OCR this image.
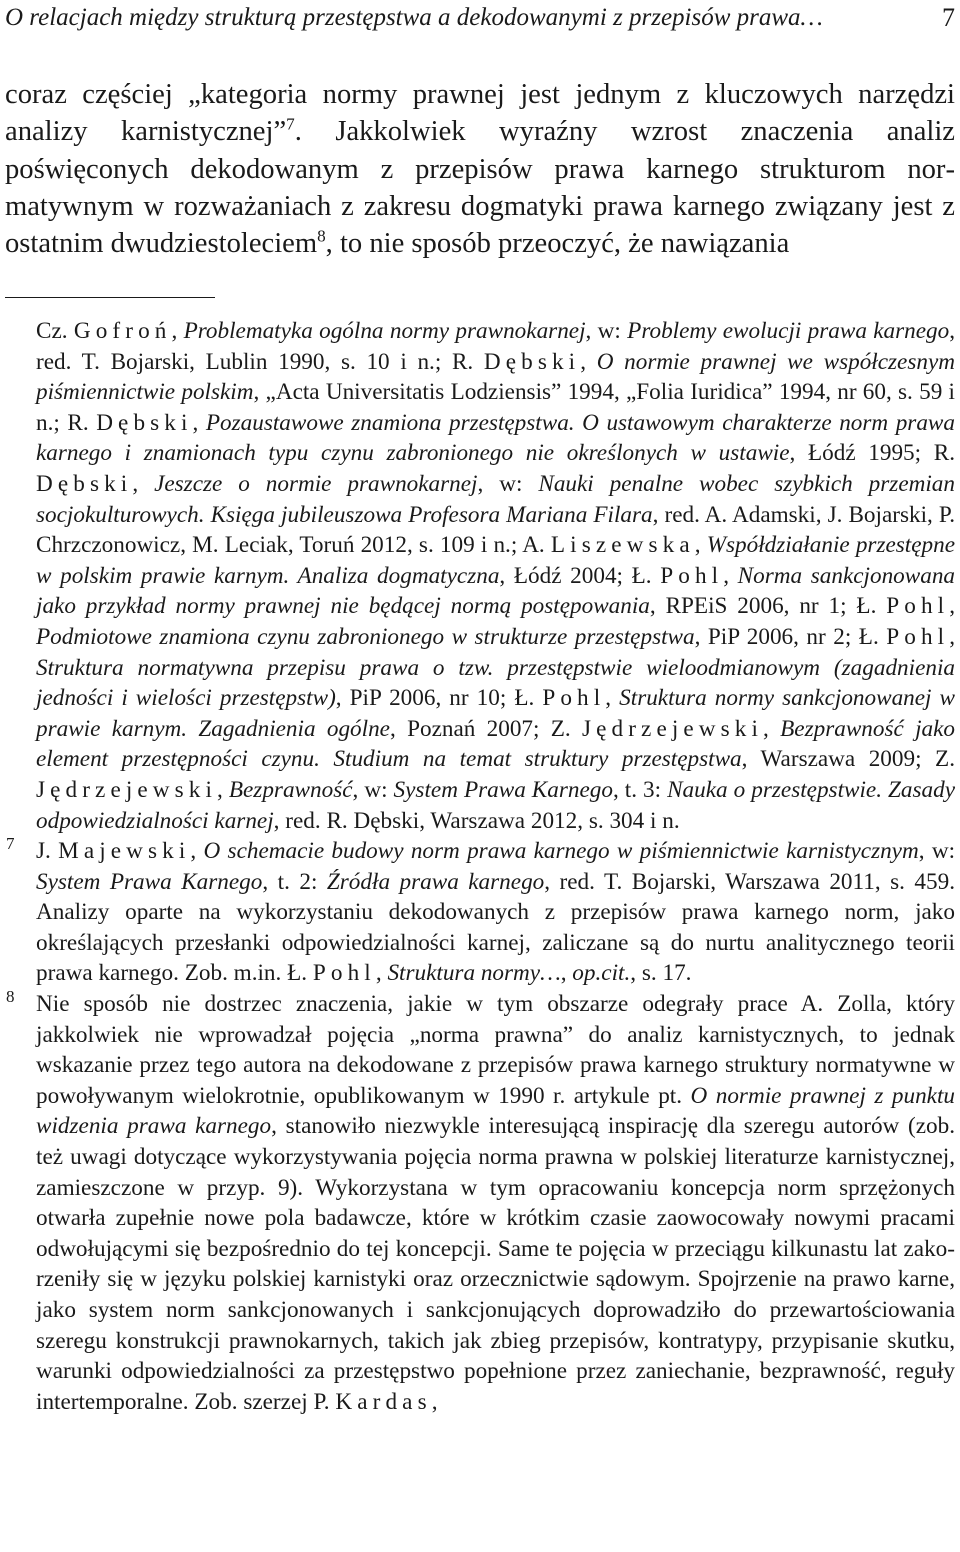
O relacjach między strukturą przestępstwa a dekodowanymi z przepisów prawa…	7

coraz częściej „kategoria normy prawnej jest jednym z kluczowych narzędzi analizy karnistycznej”$^7$. Jakkolwiek wyraźny wzrost znaczenia analiz poświęconych dekodowanym z przepisów prawa karnego strukturom normatywnym w rozważaniach z zakresu dogmatyki prawa karnego związany jest z ostatnim dwudziestoleciem$^8$, to nie sposób przeoczyć, że nawiązania

Cz. Gofroń, Problematyka ogólna normy prawnokarnej, w: Problemy ewolucji prawa karnego, red. T. Bojarski, Lublin 1990, s. 10 i n.; R. Dębski, O normie prawnej we współczesnym piśmiennictwie polskim, „Acta Universitatis Lodziensis” 1994, „Folia Iuridica” 1994, nr 60, s. 59 i n.; R. Dębski, Pozaustawowe znamiona przestępstwa. O ustawowym charakterze norm prawa karnego i znamionach typu czynu zabronionego nie określonych w ustawie, Łódź 1995; R. Dębski, Jeszcze o normie prawnokarnej, w: Nauki penalne wobec szybkich przemian socjokulturowych. Księga jubileuszowa Profesora Mariana Filara, red. A. Adamski, J. Bojarski, P. Chrzczonowicz, M. Leciak, Toruń 2012, s. 109 i n.; A. Liszewska, Współdziałanie przestępne w polskim prawie karnym. Analiza dogmatyczna, Łódź 2004; Ł. Pohl, Norma sankcjonowana jako przykład normy prawnej nie będącej normą postępowania, RPEiS 2006, nr 1; Ł. Pohl, Podmiotowe znamiona czynu zabronionego w strukturze przestępstwa, PiP 2006, nr 2; Ł. Pohl, Struktura normatywna przepisu prawa o tzw. przestępstwie wieloodmianowym (zagadnienia jedności i wielości przestępstw), PiP 2006, nr 10; Ł. Pohl, Struktura normy sankcjonowanej w prawie karnym. Zagadnienia ogólne, Poznań 2007; Z. Jędrzejewski, Bezprawność jako element przestępności czynu. Studium na temat struktury przestępstwa, Warszawa 2009; Z. Jędrzejewski, Bezprawność, w: System Prawa Karnego, t. 3: Nauka o przestępstwie. Zasady odpowiedzialności karnej, red. R. Dębski, Warszawa 2012, s. 304 i n.

7 J. Majewski, O schemacie budowy norm prawa karnego w piśmiennictwie karnistycznym, w: System Prawa Karnego, t. 2: Źródła prawa karnego, red. T. Bojarski, Warszawa 2011, s. 459. Analizy oparte na wykorzystaniu dekodowanych z przepisów prawa karnego norm, jako określających przesłanki odpowiedzialności karnej, zaliczane są do nurtu analitycznego teorii prawa karnego. Zob. m.in. Ł. Pohl, Struktura normy…, op.cit., s. 17.

8 Nie sposób nie dostrzec znaczenia, jakie w tym obszarze odegrały prace A. Zolla, który jakkolwiek nie wprowadzał pojęcia „norma prawna” do analiz karnistycznych, to jednak wskazanie przez tego autora na dekodowane z przepisów prawa karnego struktury normatywne w powoływanym wielokrotnie, opublikowanym w 1990 r. artykule pt. O normie prawnej z punktu widzenia prawa karnego, stanowiło niezwykle interesującą inspirację dla szeregu autorów (zob. też uwagi dotyczące wykorzystywania pojęcia norma prawna w polskiej literaturze karnistycznej, zamieszczone w przyp. 9). Wykorzystana w tym opracowaniu koncepcja norm sprzężonych otwarła zupełnie nowe pola badawcze, które w krótkim czasie zaowocowały nowymi pracami odwołującymi się bezpośrednio do tej koncepcji. Same te pojęcia w przeciągu kilkunastu lat zakorzeniły się w języku polskiej karnistyki oraz orzecznictwie sądowym. Spojrzenie na prawo karne, jako system norm sankcjonowanych i sankcjonujących doprowadziło do przewartościowania szeregu konstrukcji prawnokarnych, takich jak zbieg przepisów, kontratypy, przypisanie skutku, warunki odpowiedzialności za przestępstwo popełnione przez zaniechanie, bezprawność, reguły intertemporalne. Zob. szerzej P. Kardas,
